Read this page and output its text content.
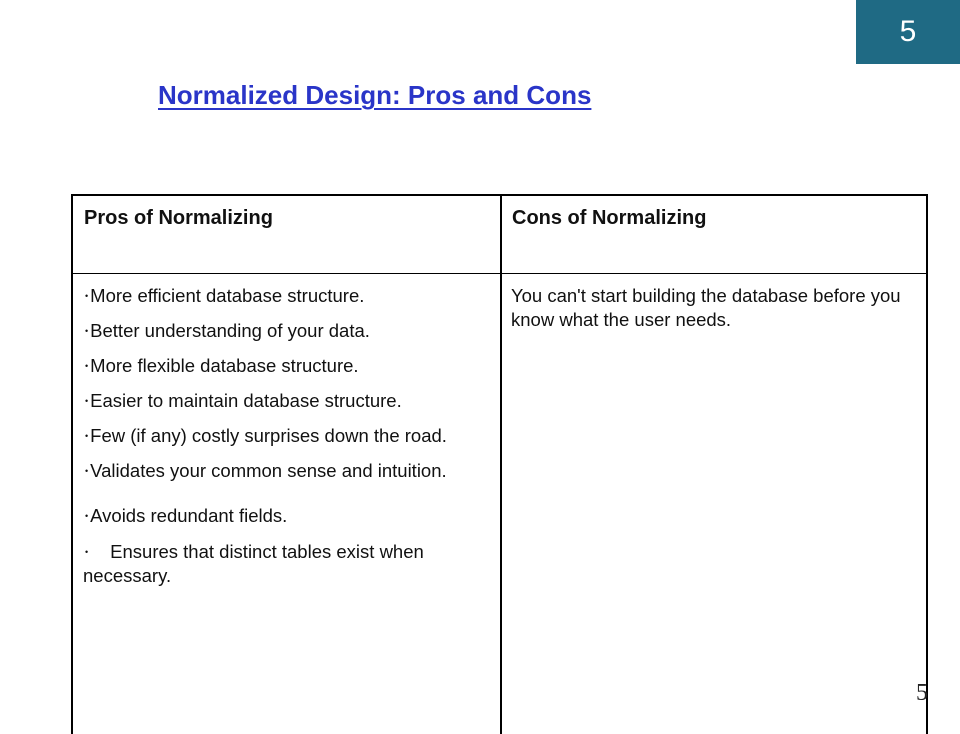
5
Normalized Design: Pros and Cons
Pros of Normalizing	Cons of Normalizing
• More efficient database structure.
• Better understanding of your data.
• More flexible database structure.
• Easier to maintain database structure.
• Few (if any) costly surprises down the road.
• Validates your common sense and intuition.
• Avoids redundant fields.
• Ensures that distinct tables exist when necessary.

You can't start building the database before you know what the user needs.

5
